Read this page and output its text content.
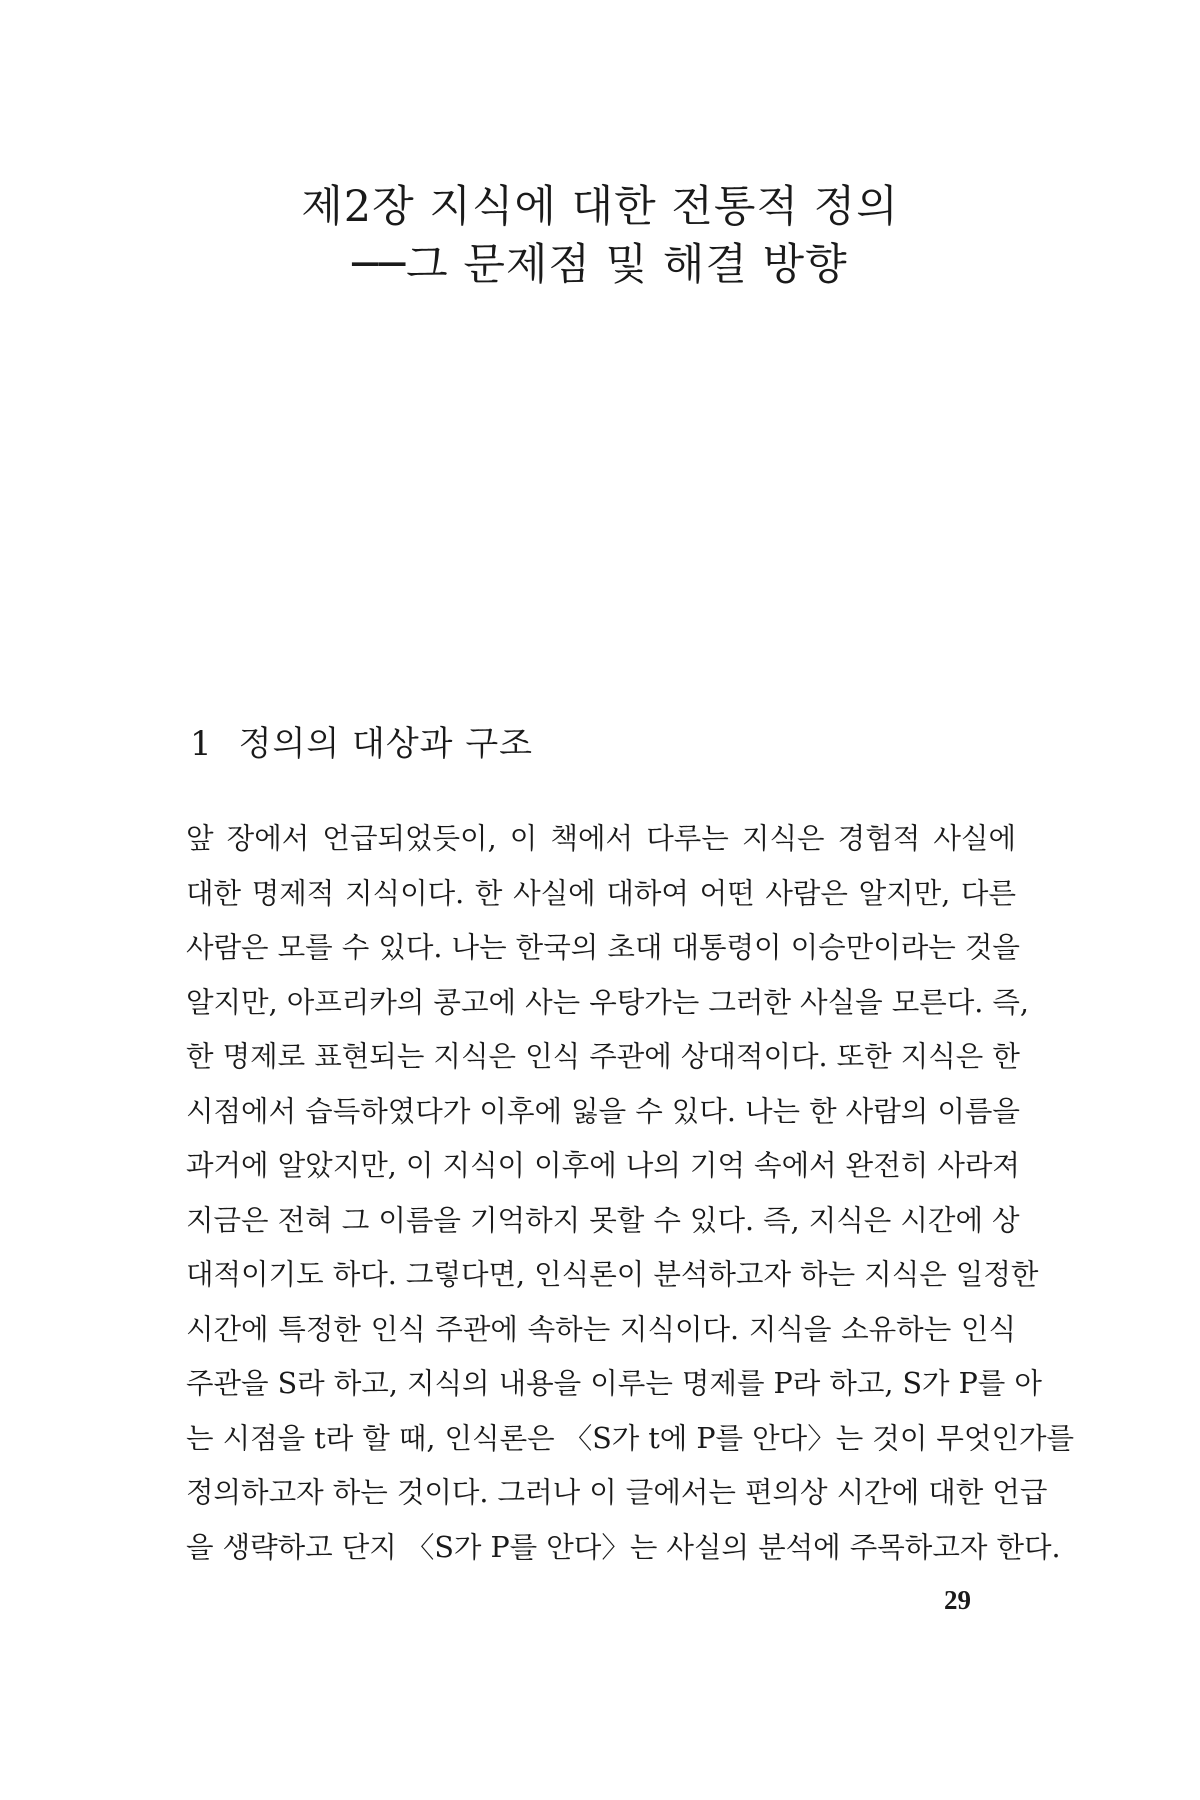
제2장 지식에 대한 전통적 정의
──그 문제점 및 해결 방향
1 정의의 대상과 구조

앞 장에서 언급되었듯이, 이 책에서 다루는 지식은 경험적 사실에
대한 명제적 지식이다. 한 사실에 대하여 어떤 사람은 알지만, 다른
사람은 모를 수 있다. 나는 한국의 초대 대통령이 이승만이라는 것을
알지만, 아프리카의 콩고에 사는 우탕가는 그러한 사실을 모른다. 즉,
한 명제로 표현되는 지식은 인식 주관에 상대적이다. 또한 지식은 한
시점에서 습득하였다가 이후에 잃을 수 있다. 나는 한 사람의 이름을
과거에 알았지만, 이 지식이 이후에 나의 기억 속에서 완전히 사라져
지금은 전혀 그 이름을 기억하지 못할 수 있다. 즉, 지식은 시간에 상
대적이기도 하다. 그렇다면, 인식론이 분석하고자 하는 지식은 일정한
시간에 특정한 인식 주관에 속하는 지식이다. 지식을 소유하는 인식
주관을 S라 하고, 지식의 내용을 이루는 명제를 P라 하고, S가 P를 아
는 시점을 t라 할 때, 인식론은 〈S가 t에 P를 안다〉는 것이 무엇인가를
정의하고자 하는 것이다. 그러나 이 글에서는 편의상 시간에 대한 언급
을 생략하고 단지 〈S가 P를 안다〉는 사실의 분석에 주목하고자 한다.

29
